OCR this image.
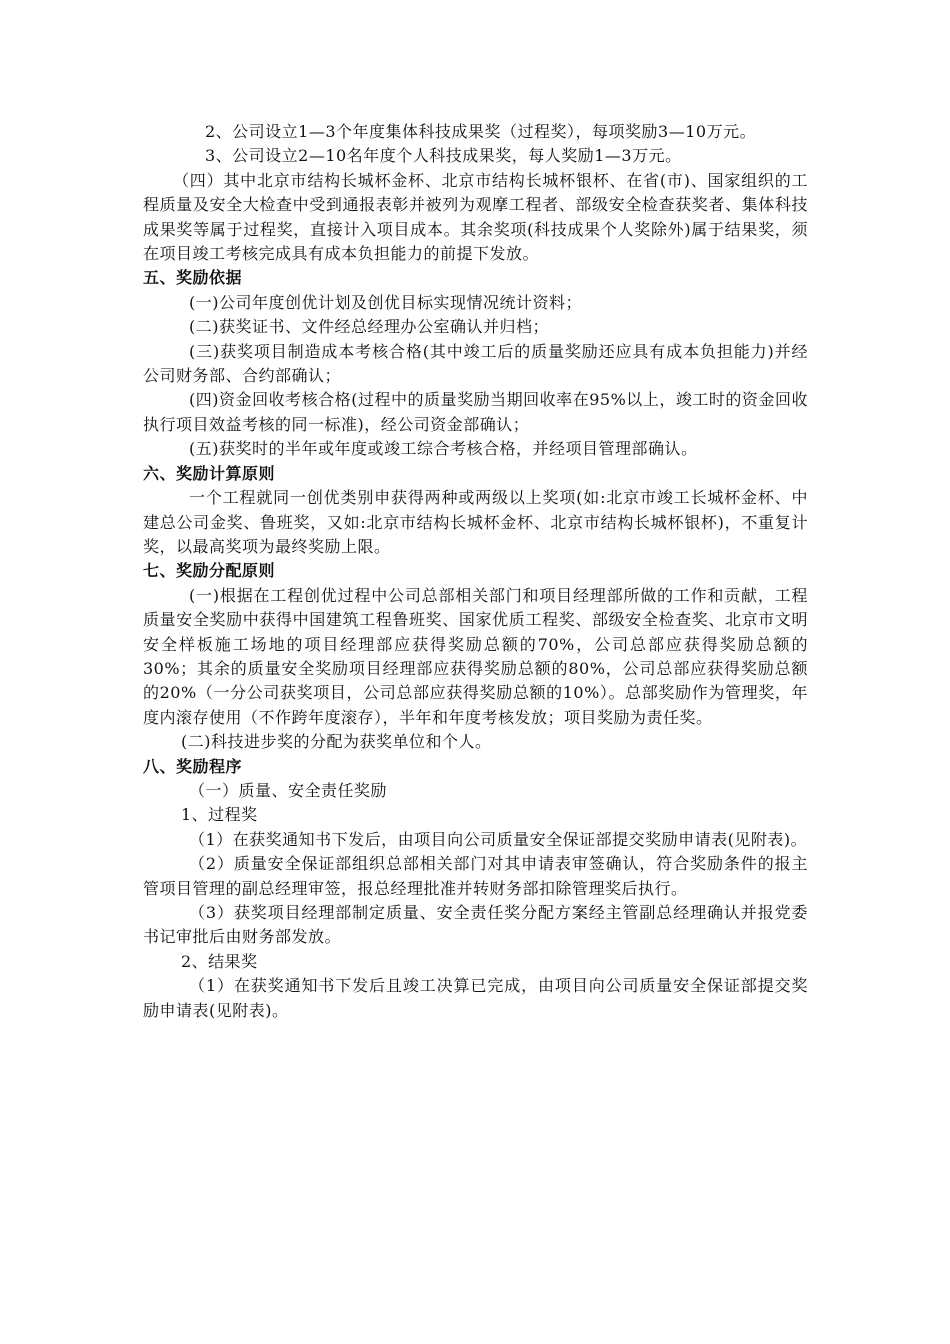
2、公司设立1—3个年度集体科技成果奖（过程奖），每项奖励3—10万元。

3、公司设立2—10名年度个人科技成果奖，每人奖励1—3万元。

（四）其中北京市结构长城杯金杯、北京市结构长城杯银杯、在省(市)、国家组织的工程质量及安全大检查中受到通报表彰并被列为观摩工程者、部级安全检查获奖者、集体科技成果奖等属于过程奖，直接计入项目成本。其余奖项(科技成果个人奖除外)属于结果奖，须在项目竣工考核完成具有成本负担能力的前提下发放。

五、奖励依据

(一)公司年度创优计划及创优目标实现情况统计资料；

(二)获奖证书、文件经总经理办公室确认并归档；

(三)获奖项目制造成本考核合格(其中竣工后的质量奖励还应具有成本负担能力)并经公司财务部、合约部确认；

(四)资金回收考核合格(过程中的质量奖励当期回收率在95%以上，竣工时的资金回收执行项目效益考核的同一标准)，经公司资金部确认；

(五)获奖时的半年或年度或竣工综合考核合格，并经项目管理部确认。

六、奖励计算原则

一个工程就同一创优类别申获得两种或两级以上奖项(如:北京市竣工长城杯金杯、中建总公司金奖、鲁班奖，又如:北京市结构长城杯金杯、北京市结构长城杯银杯)，不重复计奖，以最高奖项为最终奖励上限。

七、奖励分配原则

(一)根据在工程创优过程中公司总部相关部门和项目经理部所做的工作和贡献，工程质量安全奖励中获得中国建筑工程鲁班奖、国家优质工程奖、部级安全检查奖、北京市文明安全样板施工场地的项目经理部应获得奖励总额的70%，公司总部应获得奖励总额的30%；其余的质量安全奖励项目经理部应获得奖励总额的80%，公司总部应获得奖励总额的20%（一分公司获奖项目，公司总部应获得奖励总额的10%）。总部奖励作为管理奖，年度内滚存使用（不作跨年度滚存），半年和年度考核发放；项目奖励为责任奖。

(二)科技进步奖的分配为获奖单位和个人。

八、奖励程序

（一）质量、安全责任奖励

1、过程奖

（1）在获奖通知书下发后，由项目向公司质量安全保证部提交奖励申请表(见附表)。

（2）质量安全保证部组织总部相关部门对其申请表审签确认，符合奖励条件的报主管项目管理的副总经理审签，报总经理批准并转财务部扣除管理奖后执行。

（3）获奖项目经理部制定质量、安全责任奖分配方案经主管副总经理确认并报党委书记审批后由财务部发放。

2、结果奖

（1）在获奖通知书下发后且竣工决算已完成，由项目向公司质量安全保证部提交奖励申请表(见附表)。
